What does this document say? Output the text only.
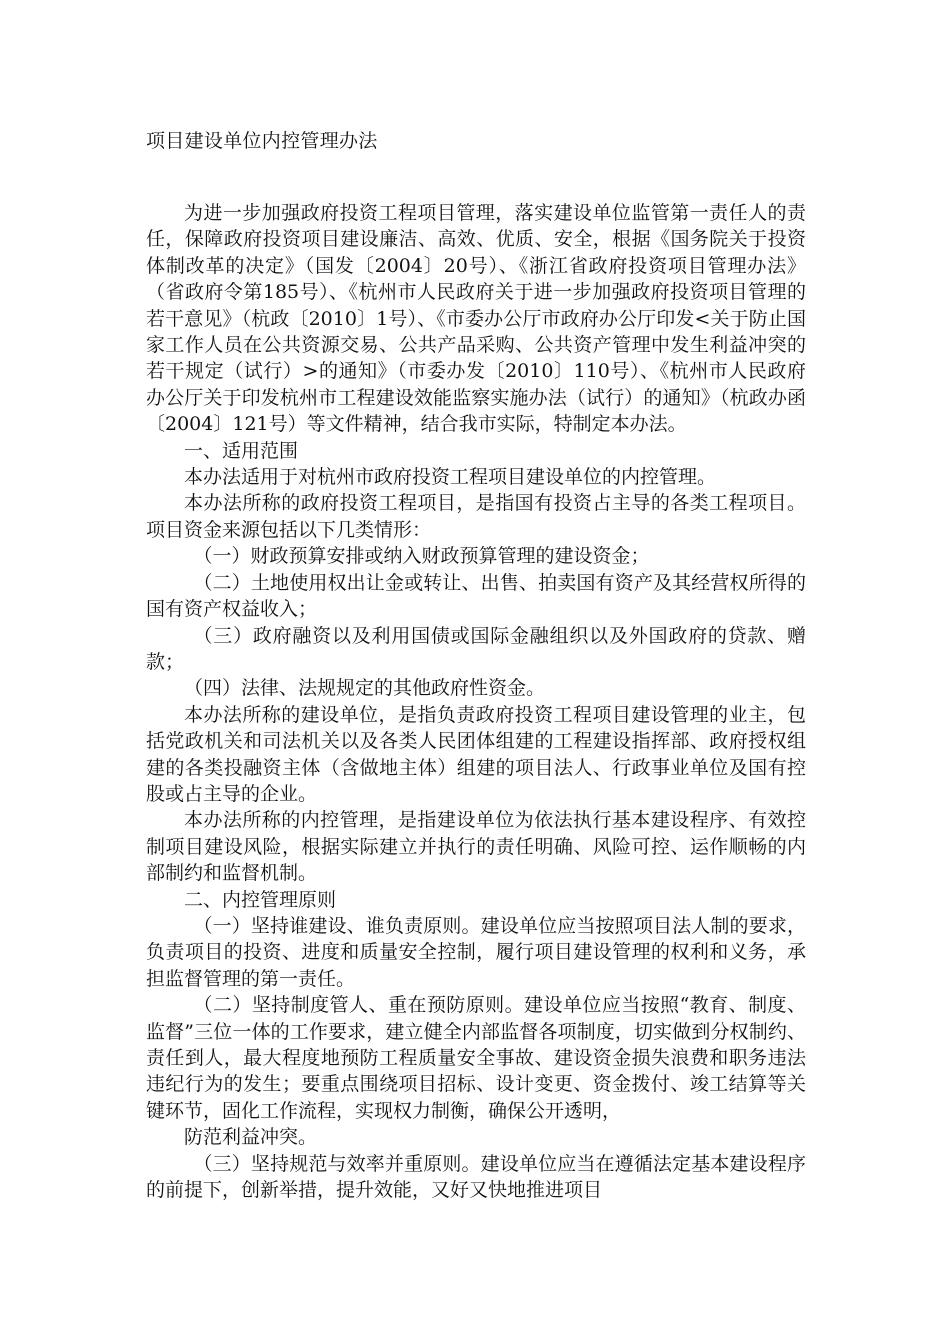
项目建设单位内控管理办法

为进一步加强政府投资工程项目管理，落实建设单位监管第一责任人的责任，保障政府投资项目建设廉洁、高效、优质、安全，根据《国务院关于投资体制改革的决定》（国发〔2004〕20号）、《浙江省政府投资项目管理办法》（省政府令第185号）、《杭州市人民政府关于进一步加强政府投资项目管理的若干意见》（杭政〔2010〕1号）、《市委办公厅市政府办公厅印发<关于防止国家工作人员在公共资源交易、公共产品采购、公共资产管理中发生利益冲突的若干规定（试行）>的通知》（市委办发〔2010〕110号）、《杭州市人民政府办公厅关于印发杭州市工程建设效能监察实施办法（试行）的通知》（杭政办函〔2004〕121号）等文件精神，结合我市实际，特制定本办法。

一、适用范围

本办法适用于对杭州市政府投资工程项目建设单位的内控管理。

本办法所称的政府投资工程项目，是指国有投资占主导的各类工程项目。项目资金来源包括以下几类情形：

（一）财政预算安排或纳入财政预算管理的建设资金；

（二）土地使用权出让金或转让、出售、拍卖国有资产及其经营权所得的国有资产权益收入；

（三）政府融资以及利用国债或国际金融组织以及外国政府的贷款、赠款；

（四）法律、法规规定的其他政府性资金。

本办法所称的建设单位，是指负责政府投资工程项目建设管理的业主，包括党政机关和司法机关以及各类人民团体组建的工程建设指挥部、政府授权组建的各类投融资主体（含做地主体）组建的项目法人、行政事业单位及国有控股或占主导的企业。

本办法所称的内控管理，是指建设单位为依法执行基本建设程序、有效控制项目建设风险，根据实际建立并执行的责任明确、风险可控、运作顺畅的内部制约和监督机制。

二、内控管理原则

（一）坚持谁建设、谁负责原则。建设单位应当按照项目法人制的要求，负责项目的投资、进度和质量安全控制，履行项目建设管理的权利和义务，承担监督管理的第一责任。

（二）坚持制度管人、重在预防原则。建设单位应当按照“教育、制度、监督”三位一体的工作要求，建立健全内部监督各项制度，切实做到分权制约、责任到人，最大程度地预防工程质量安全事故、建设资金损失浪费和职务违法违纪行为的发生；要重点围绕项目招标、设计变更、资金拨付、竣工结算等关键环节，固化工作流程，实现权力制衡，确保公开透明，

防范利益冲突。

（三）坚持规范与效率并重原则。建设单位应当在遵循法定基本建设程序的前提下，创新举措，提升效能，又好又快地推进项目
